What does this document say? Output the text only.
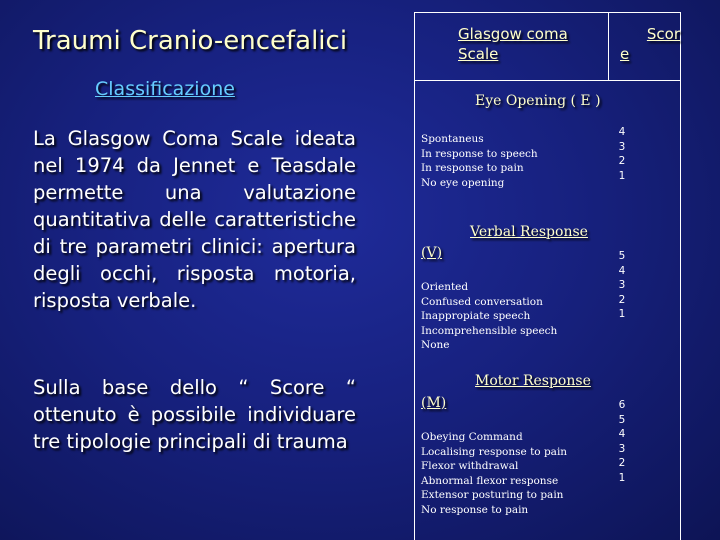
Traumi Cranio-encefalici
Classificazione
La Glasgow Coma Scale ideata nel 1974 da Jennet e Teasdale permette una valutazione quantitativa delle caratteristiche di tre parametri clinici: apertura degli occhi, risposta motoria, risposta verbale.
Sulla base dello “ Score “ ottenuto è possibile individuare tre tipologie principali di trauma
Glasgow coma Scale
Scor
e
Eye Opening ( E )
Spontaneus
In response to speech
In response to pain
No eye opening
4
3
2
1
Verbal Response
(V)
Oriented
Confused conversation
Inappropiate speech
Incomprehensible speech
None
5
4
3
2
1
Motor Response
(M)
Obeying Command
Localising response to pain
Flexor withdrawal
Abnormal flexor response
Extensor posturing to pain
No response to pain
6
5
4
3
2
1
